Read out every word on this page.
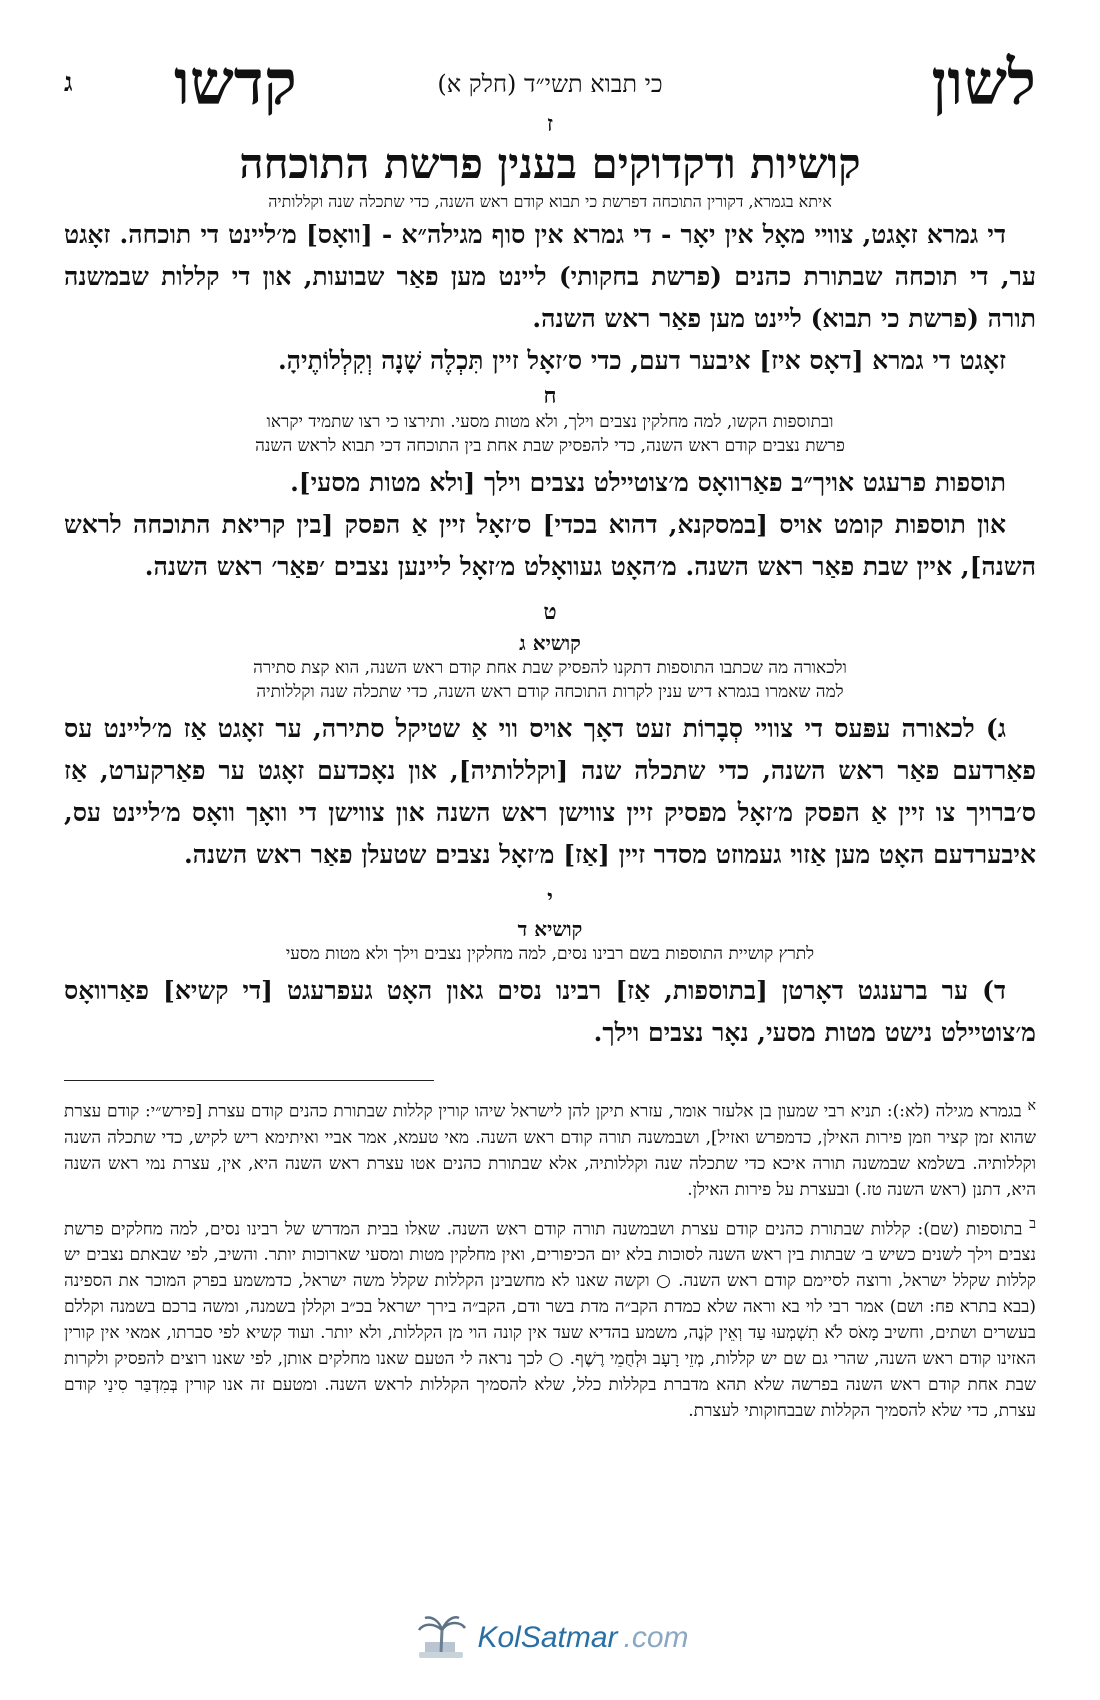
לשון
כי תבוא תשי״ד (חלק א)
קדשו
ג
ז
קושיות ודקדוקים בענין פרשת התוכחה
איתא בגמרא, דקורין התוכחה דפרשת כי תבוא קודם ראש השנה, כדי שתכלה שנה וקללותיה
די גמרא זאָגט, צוויי מאָל אין יאָר - די גמרא אין סוף מגילה״א - [וואָס] מ׳ליינט די תוכחה. זאָגט ער, די תוכחה שבתורת כהנים (פרשת בחקותי) ליינט מען פאַר שבועות, און די קללות שבמשנה תורה (פרשת כי תבוא) ליינט מען פאַר ראש השנה.
זאָגט די גמרא [דאָס איז] איבער דעם, כדי ס׳זאָל זיין תִּכְלֶה שָׁנָה וְקִלְלוֹתֶיהָ.
ח
ובתוספות הקשו, למה מחלקין נצבים וילך, ולא מטות מסעי. ותירצו כי רצו שתמיד יקראו
פרשת נצבים קודם ראש השנה, כדי להפסיק שבת אחת בין התוכחה דכי תבוא לראש השנה
תוספות פרעגט אויך״ב פאַרוואָס מ׳צוטיילט נצבים וילך [ולא מטות מסעי].
און תוספות קומט אויס [במסקנא, דהוא בכדי] ס׳זאָל זיין אַ הפסק [בין קריאת התוכחה לראש השנה], איין שבת פאַר ראש השנה. מ׳האָט געוואָלט מ׳זאָל ליינען נצבים ׳פאַר׳ ראש השנה.
ט
קושיא ג
ולכאורה מה שכתבו התוספות דתקנו להפסיק שבת אחת קודם ראש השנה, הוא קצת סתירה
למה שאמרו בגמרא דיש ענין לקרות התוכחה קודם ראש השנה, כדי שתכלה שנה וקללותיה
ג) לכאורה עפּעס די צוויי סְבָרוֹת זעט דאָך אויס ווי אַ שטיקל סתירה, ער זאָגט אַז מ׳ליינט עס פאַרדעם פאַר ראש השנה, כדי שתכלה שנה [וקללותיה], און נאָכדעם זאָגט ער פאַרקערט, אַז ס׳ברויך צו זיין אַ הפסק מ׳זאָל מפסיק זיין צווישן ראש השנה און צווישן די וואָך וואָס מ׳ליינט עס, איבערדעם האָט מען אַזוי געמוזט מסדר זיין [אַז] מ׳זאָל נצבים שטעלן פאַר ראש השנה.
י
קושיא ד
לתרץ קושיית התוספות בשם רבינו נסים, למה מחלקין נצבים וילך ולא מטות מסעי
ד) ער ברענגט דאָרטן [בתוספות, אַז] רבינו נסים גאון האָט געפרעגט [די קשיא] פאַרוואָס מ׳צוטיילט נישט מטות מסעי, נאָר נצבים וילך.
$^א$ בגמרא מגילה (לא:): תניא רבי שמעון בן אלעזר אומר, עזרא תיקן להן לישראל שיהו קורין קללות שבתורת כהנים קודם עצרת [פירש״י: קודם עצרת שהוא זמן קציר וזמן פירות האילן, כדמפרש ואזיל], ושבמשנה תורה קודם ראש השנה. מאי טעמא, אמר אביי ואיתימא ריש לקיש, כדי שתכלה השנה וקללותיה. בשלמא שבמשנה תורה איכא כדי שתכלה שנה וקללותיה, אלא שבתורת כהנים אטו עצרת ראש השנה היא, אין, עצרת נמי ראש השנה היא, דתנן (ראש השנה טז.) ובעצרת על פירות האילן.
$^ב$ בתוספות (שם): קללות שבתורת כהנים קודם עצרת ושבמשנה תורה קודם ראש השנה. שאלו בבית המדרש של רבינו נסים, למה מחלקים פרשת נצבים וילך לשנים כשיש ב׳ שבתות בין ראש השנה לסוכות בלא יום הכיפורים, ואין מחלקין מטות ומסעי שארוכות יותר. והשיב, לפי שבאתם נצבים יש קללות שקלל ישראל, ורוצה לסיימם קודם ראש השנה. ○ וקשה שאנו לא מחשבינן הקללות שקלל משה ישראל, כדמשמע בפרק המוכר את הספינה (בבא בתרא פח: ושם) אמר רבי לוי בא וראה שלא כמדת הקב״ה מדת בשר ודם, הקב״ה בירך ישראל בכ״ב וקללן בשמנה, ומשה ברכם בשמנה וקללם בעשרים ושתים, וחשיב מָאֹס לֹא תִשְׁמְעוּ עַד וְאֵין קֹנֶה, משמע בהדיא שעד אין קונה הוי מן הקללות, ולא יותר. ועוד קשיא לפי סברתו, אמאי אין קורין האזינו קודם ראש השנה, שהרי גם שם יש קללות, מְזֵי רָעָב וּלְחֻמֵי רֶשֶׁף. ○ לכך נראה לי הטעם שאנו מחלקים אותן, לפי שאנו רוצים להפסיק ולקרות שבת אחת קודם ראש השנה בפרשה שלא תהא מדברת בקללות כלל, שלא להסמיך הקללות לראש השנה. ומטעם זה אנו קורין בְּמִדְבַּר סִינַי קודם עצרת, כדי שלא להסמיך הקללות שבבחוקותי לעצרת.
KolSatmar .com
